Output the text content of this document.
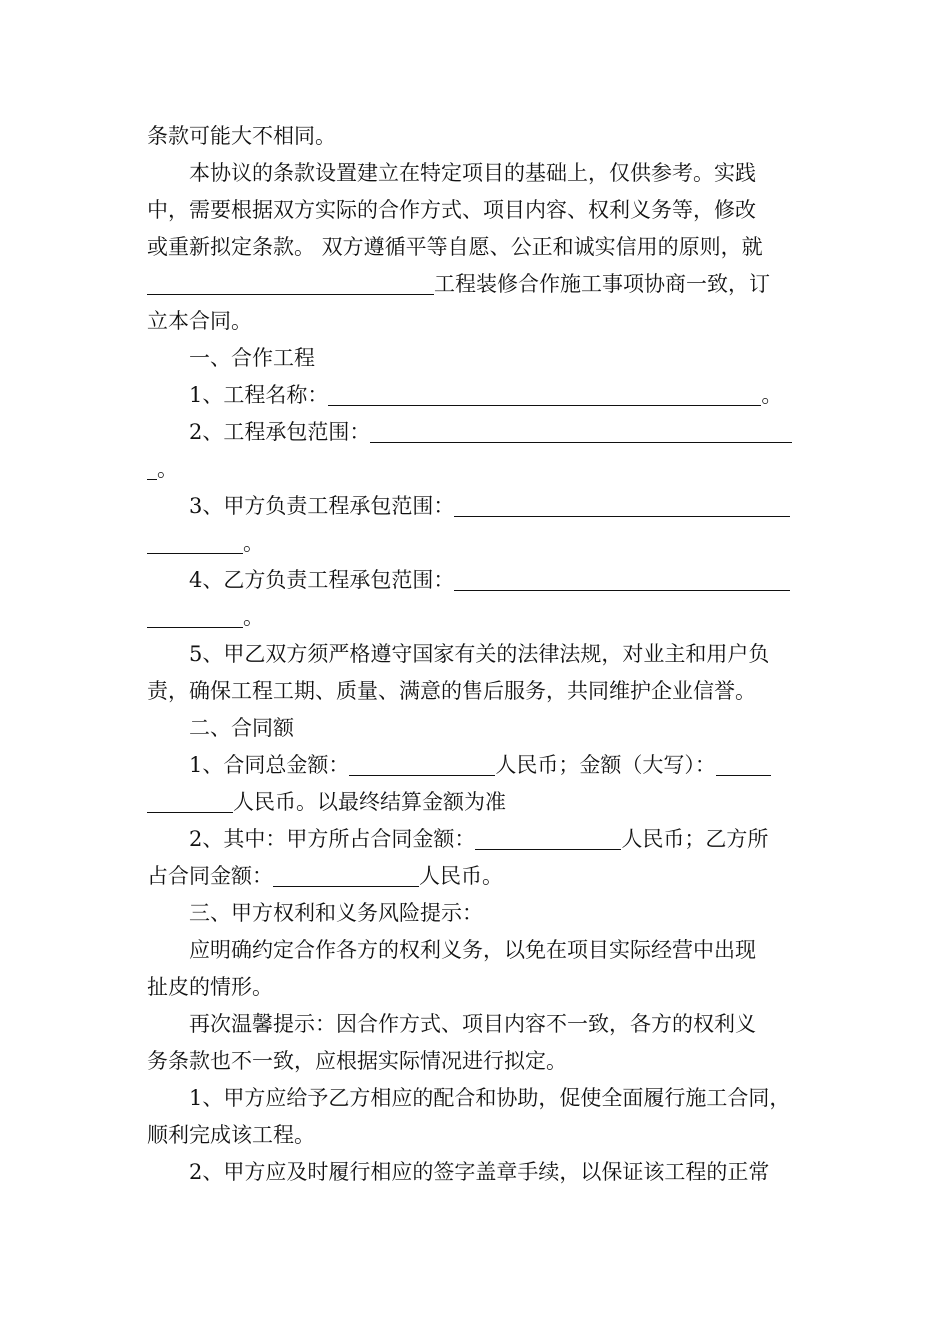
条款可能大不相同。
本协议的条款设置建立在特定项目的基础上，仅供参考。实践
中，需要根据双方实际的合作方式、项目内容、权利义务等，修改
或重新拟定条款。 双方遵循平等自愿、公正和诚实信用的原则，就
工程装修合作施工事项协商一致，订
立本合同。
一、合作工程
1、工程名称：	。
2、工程承包范围：
。
3、甲方负责工程承包范围：
。
4、乙方负责工程承包范围：
。
5、甲乙双方须严格遵守国家有关的法律法规，对业主和用户负
责，确保工程工期、质量、满意的售后服务，共同维护企业信誉。
二、合同额
1、合同总金额：	人民币；金额（大写）：
人民币。以最终结算金额为准
2、其中：甲方所占合同金额：	人民币；乙方所
占合同金额：	人民币。
三、甲方权利和义务风险提示：
应明确约定合作各方的权利义务，以免在项目实际经营中出现
扯皮的情形。
再次温馨提示：因合作方式、项目内容不一致，各方的权利义
务条款也不一致，应根据实际情况进行拟定。
1、甲方应给予乙方相应的配合和协助，促使全面履行施工合同，
顺利完成该工程。
2、甲方应及时履行相应的签字盖章手续，以保证该工程的正常
